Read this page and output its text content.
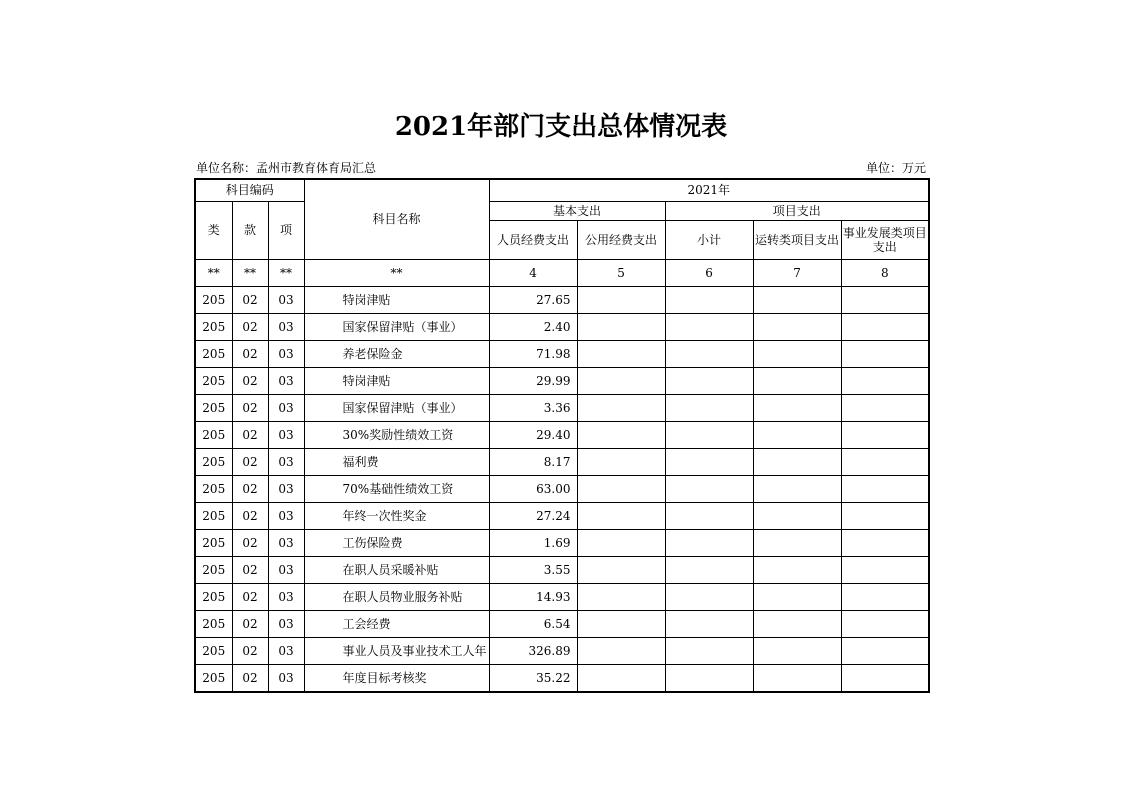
2021年部门支出总体情况表
单位名称：孟州市教育体育局汇总	单位：万元
科目编码			科目名称	2021年				
类	款	项		基本支出		项目支出		
				人员经费支出	公用经费支出	小计	运转类项目支出	事业发展类项目支出
**	**	**	**	4	5	6	7	8
205	02	03	特岗津贴	27.65				
205	02	03	国家保留津贴（事业）	2.40				
205	02	03	养老保险金	71.98				
205	02	03	特岗津贴	29.99				
205	02	03	国家保留津贴（事业）	3.36				
205	02	03	30%奖励性绩效工资	29.40				
205	02	03	福利费	8.17				
205	02	03	70%基础性绩效工资	63.00				
205	02	03	年终一次性奖金	27.24				
205	02	03	工伤保险费	1.69				
205	02	03	在职人员采暖补贴	3.55				
205	02	03	在职人员物业服务补贴	14.93				
205	02	03	工会经费	6.54				
205	02	03	事业人员及事业技术工人年	326.89				
205	02	03	年度目标考核奖	35.22				
